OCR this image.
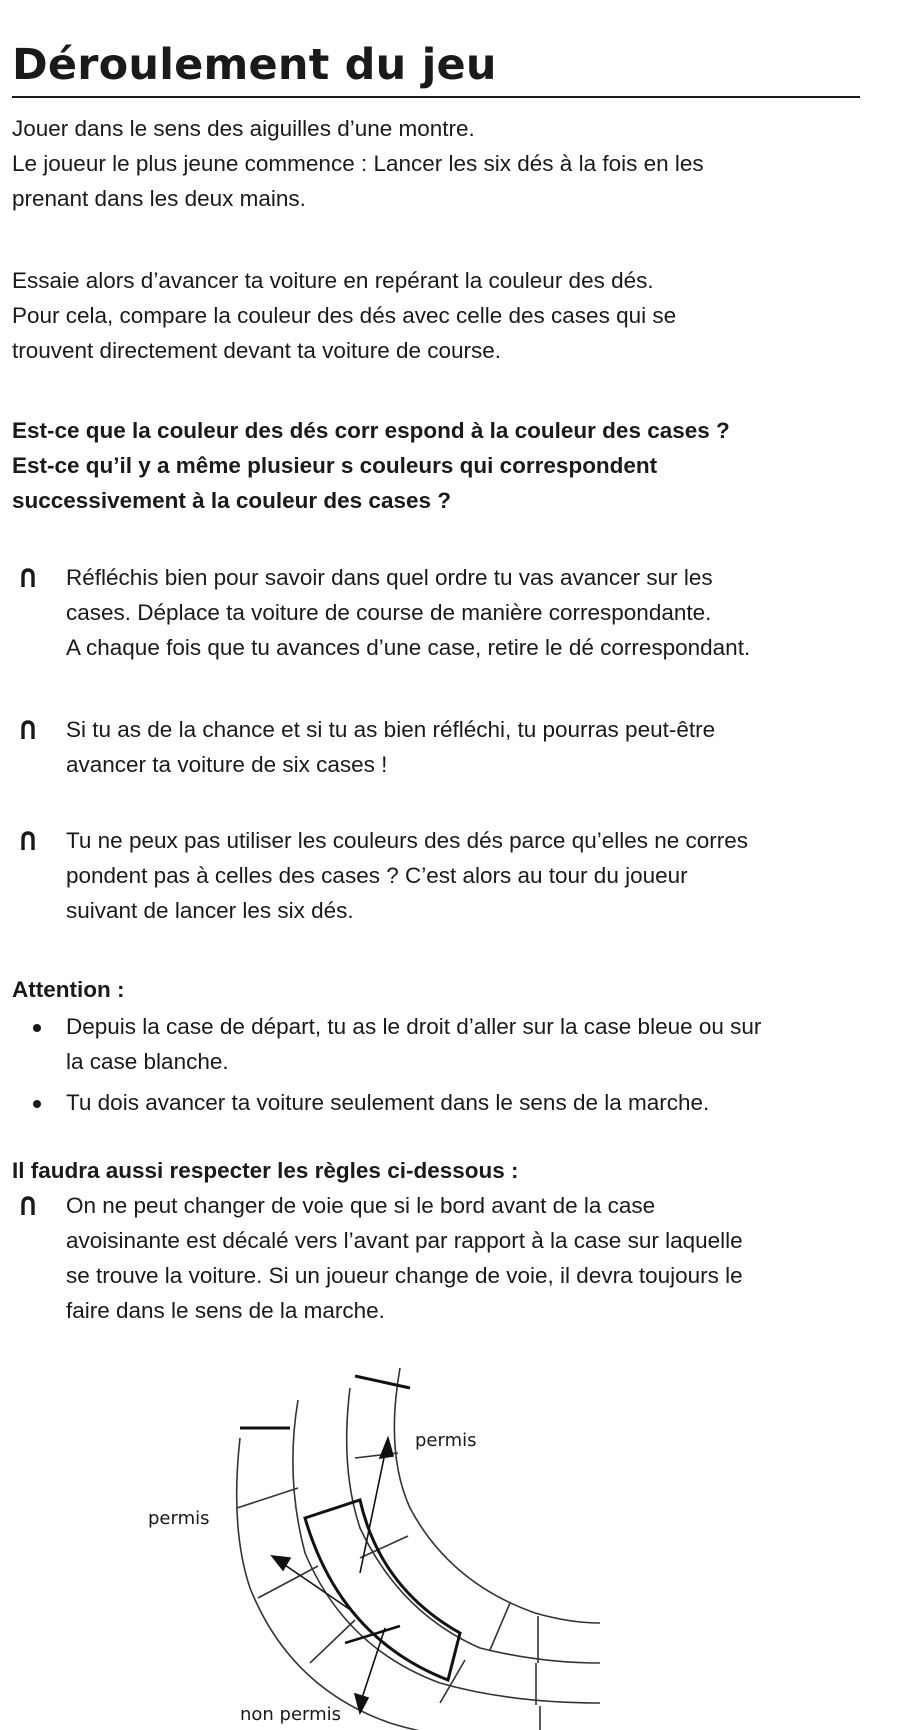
Déroulement du jeu
Jouer dans le sens des aiguilles d’une montre.
Le joueur le plus jeune commence : Lancer les six dés à la fois en les
prenant dans les deux mains.
Essaie alors d’avancer ta voiture en repérant la couleur des dés.
Pour cela, compare la couleur des dés avec celle des cases qui se
trouvent directement devant ta voiture de course.
Est-ce que la couleur des dés corr espond à la couleur des cases ?
Est-ce qu’il y a même plusieur s couleurs qui correspondent
successivement à la couleur des cases ?
Réfléchis bien pour savoir dans quel ordre tu vas avancer sur les
cases. Déplace ta voiture de course de manière correspondante.
A chaque fois que tu avances d’une case, retire le dé correspondant.
Si tu as de la chance et si tu as bien réfléchi, tu pourras peut-être
avancer ta voiture de six cases !
Tu ne peux pas utiliser les couleurs des dés parce qu’elles ne corres
pondent pas à celles des cases ? C’est alors au tour du joueur
suivant de lancer les six dés.
Attention :
Depuis la case de départ, tu as le droit d’aller sur la case bleue ou sur
la case blanche.
Tu dois avancer ta voiture seulement dans le sens de la marche.
Il faudra aussi respecter les règles ci-dessous :
On ne peut changer de voie que si le bord avant de la case
avoisinante est décalé vers l’avant par rapport à la case sur laquelle
se trouve la voiture. Si un joueur change de voie, il devra toujours le
faire dans le sens de la marche.
permis
permis
non permis
